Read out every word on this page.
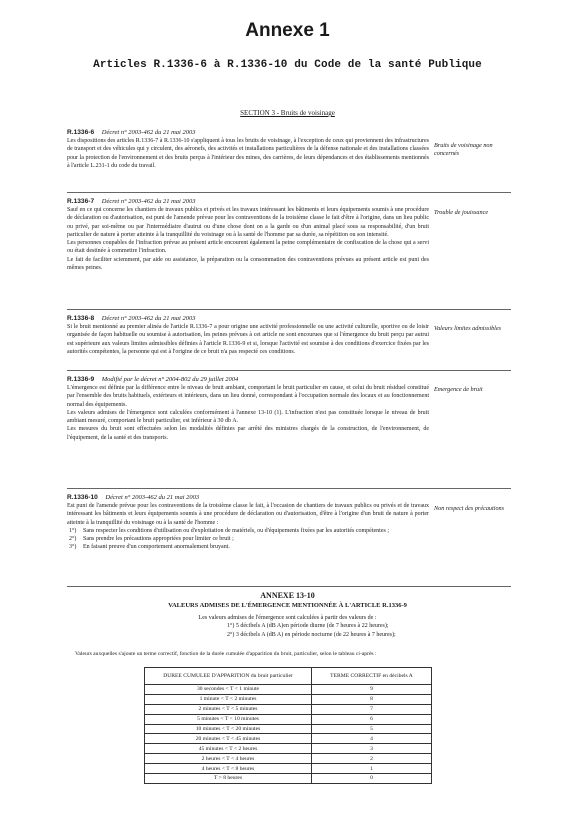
Annexe 1
Articles R.1336-6 à R.1336-10 du Code de la santé Publique
SECTION 3 - Bruits de voisinage
R.1336-6 Décret n° 2003-462 du 21 mai 2003

Les dispositions des articles R.1336-7 à R.1336-10 s'appliquent à tous les bruits de voisinage, à l'exception de ceux qui proviennent des infrastructures de transport et des véhicules qui y circulent, des aéronefs, des activités et installations particulières de la défense nationale et des installations classées pour la protection de l'environnement et des bruits perçus à l'intérieur des mines, des carrières, de leurs dépendances et des établissements mentionnés à l'article L.231-1 du code du travail.

Bruits de voisinage non concernés
R.1336-7 Décret n° 2003-462 du 21 mai 2003

Sauf en ce qui concerne les chantiers de travaux publics et privés et les travaux intéressant les bâtiments et leurs équipements soumis à une procédure de déclaration ou d'autorisation, est puni de l'amende prévue pour les contraventions de la troisième classe le fait d'être à l'origine, dans un lieu public ou privé, par soi-même ou par l'intermédiaire d'autrui ou d'une chose dont on a la garde ou d'un animal placé sous sa responsabilité, d'un bruit particulier de nature à porter atteinte à la tranquillité du voisinage ou à la santé de l'homme par sa durée, sa répétition ou son intensité.

Les personnes coupables de l'infraction prévue au présent article encourent également la peine complémentaire de confiscation de la chose qui a servi ou était destinée à commettre l'infraction.

Le fait de faciliter sciemment, par aide ou assistance, la préparation ou la consommation des contraventions prévues au présent article est puni des mêmes peines.

Trouble de jouissance
R.1336-8 Décret n° 2003-462 du 21 mai 2003

Si le bruit mentionné au premier alinéa de l'article R.1336-7 a pour origine une activité professionnelle ou une activité culturelle, sportive ou de loisir organisée de façon habituelle ou soumise à autorisation, les peines prévues à cet article ne sont encourues que si l'émergence du bruit perçu par autrui est supérieure aux valeurs limites admissibles définies à l'article R.1336-9 et si, lorsque l'activité est soumise à des conditions d'exercice fixées par les autorités compétentes, la personne qui est à l'origine de ce bruit n'a pas respecté ces conditions.

Valeurs limites admissibles
R.1336-9 Modifié par le décret n° 2004-802 du 29 juillet 2004

L'émergence est définie par la différence entre le niveau de bruit ambiant, comportant le bruit particulier en cause, et celui du bruit résiduel constitué par l'ensemble des bruits habituels, extérieurs et intérieurs, dans un lieu donné, correspondant à l'occupation normale des locaux et au fonctionnement normal des équipements.

Les valeurs admises de l'émergence sont calculées conformément à l'annexe 13-10 (1). L'infraction n'est pas constituée lorsque le niveau de bruit ambiant mesuré, comportant le bruit particulier, est inférieur à 30 db A.

Les mesures du bruit sont effectuées selon les modalités définies par arrêté des ministres chargés de la construction, de l'environnement, de l'équipement, de la santé et des transports.

Emergence de bruit
R.1336-10 Décret n° 2003-462 du 21 mai 2003

Est puni de l'amende prévue pour les contraventions de la troisième classe le fait, à l'occasion de chantiers de travaux publics ou privés et de travaux intéressant les bâtiments et leurs équipements soumis à une procédure de déclaration ou d'autorisation, d'être à l'origine d'un bruit de nature à porter atteinte à la tranquillité du voisinage ou à la santé de l'homme :

1°) Sans respecter les conditions d'utilisation ou d'exploitation de matériels, ou d'équipements fixées par les autorités compétentes ;
2°) Sans prendre les précautions appropriées pour limiter ce bruit ;
3°) En faisant preuve d'un comportement anormalement bruyant.
Non respect des précautions
ANNEXE 13-10
VALEURS ADMISES DE L'ÉMERGENCE MENTIONNÉE À L'ARTICLE R.1336-9
Les valeurs admises de l'émergence sont calculées à partir des valeurs de :
1°) 5 décibels A (dB A)en période diurne (de 7 heures à 22 heures);
2°) 3 décibels A (dB A) en période nocturne (de 22 heures à 7 heures);
Valeurs auxquelles s'ajoute un terme correctif, fonction de la durée cumulée d'apparition du bruit, particulier, selon le tableau ci-après :
DUREE CUMULEE D'APPARITION du bruit particulier	TERME CORRECTIF en décibels A
30 secondes < T < 1 minute	9
1 minute < T < 2 minutes	8
2 minutes < T < 5 minutes	7
5 minutes < T < 10 minutes	6
10 minutes < T < 20 minutes	5
20 minutes < T < 45 minutes	4
45 minutes < T < 2 heures	3
2 heures < T < 4 heures	2
4 heures < T < 8 heures	1
T > 8 heures	0
